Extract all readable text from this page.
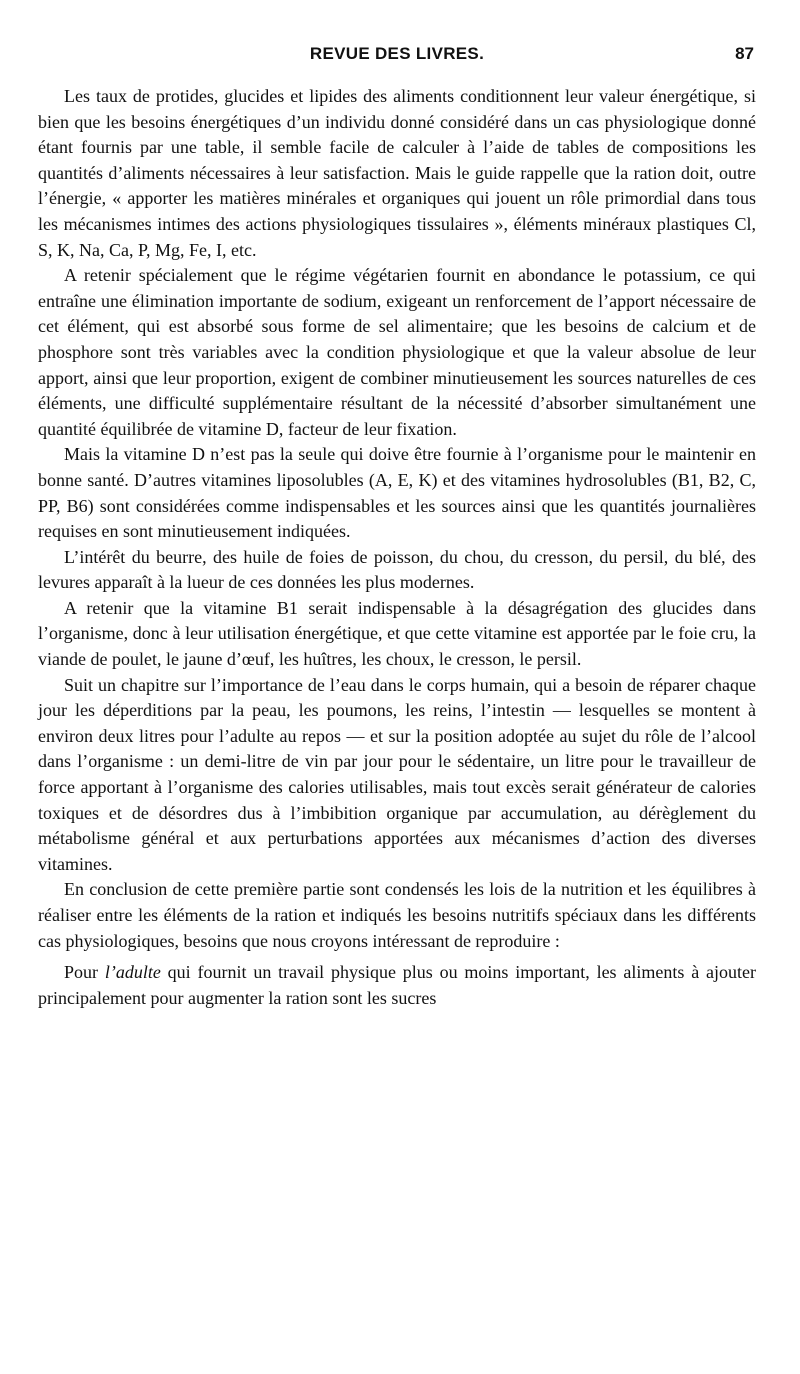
REVUE DES LIVRES.	87

Les taux de protides, glucides et lipides des aliments conditionnent leur valeur énergétique, si bien que les besoins énergétiques d’un individu donné considéré dans un cas physiologique donné étant fournis par une table, il semble facile de calculer à l’aide de tables de compositions les quantités d’aliments nécessaires à leur satisfaction. Mais le guide rappelle que la ration doit, outre l’énergie, « apporter les matières minérales et organiques qui jouent un rôle primordial dans tous les mécanismes intimes des actions physiologiques tissulaires », éléments minéraux plastiques Cl, S, K, Na, Ca, P, Mg, Fe, I, etc.

A retenir spécialement que le régime végétarien fournit en abondance le potassium, ce qui entraîne une élimination importante de sodium, exigeant un renforcement de l’apport nécessaire de cet élément, qui est absorbé sous forme de sel alimentaire; que les besoins de calcium et de phosphore sont très variables avec la condition physiologique et que la valeur absolue de leur apport, ainsi que leur proportion, exigent de combiner minutieusement les sources naturelles de ces éléments, une difficulté supplémentaire résultant de la nécessité d’absorber simultanément une quantité équilibrée de vitamine D, facteur de leur fixation.

Mais la vitamine D n’est pas la seule qui doive être fournie à l’organisme pour le maintenir en bonne santé. D’autres vitamines liposolubles (A, E, K) et des vitamines hydrosolubles (B1, B2, C, PP, B6) sont considérées comme indispensables et les sources ainsi que les quantités journalières requises en sont minutieusement indiquées.

L’intérêt du beurre, des huile de foies de poisson, du chou, du cresson, du persil, du blé, des levures apparaît à la lueur de ces données les plus modernes.

A retenir que la vitamine B1 serait indispensable à la désagrégation des glucides dans l’organisme, donc à leur utilisation énergétique, et que cette vitamine est apportée par le foie cru, la viande de poulet, le jaune d’œuf, les huîtres, les choux, le cresson, le persil.

Suit un chapitre sur l’importance de l’eau dans le corps humain, qui a besoin de réparer chaque jour les déperditions par la peau, les poumons, les reins, l’intestin — lesquelles se montent à environ deux litres pour l’adulte au repos — et sur la position adoptée au sujet du rôle de l’alcool dans l’organisme : un demi-litre de vin par jour pour le sédentaire, un litre pour le travailleur de force apportant à l’organisme des calories utilisables, mais tout excès serait générateur de calories toxiques et de désordres dus à l’imbibition organique par accumulation, au dérèglement du métabolisme général et aux perturbations apportées aux mécanismes d’action des diverses vitamines.

En conclusion de cette première partie sont condensés les lois de la nutrition et les équilibres à réaliser entre les éléments de la ration et indiqués les besoins nutritifs spéciaux dans les différents cas physiologiques, besoins que nous croyons intéressant de reproduire :

Pour l’adulte qui fournit un travail physique plus ou moins important, les aliments à ajouter principalement pour augmenter la ration sont les sucres
